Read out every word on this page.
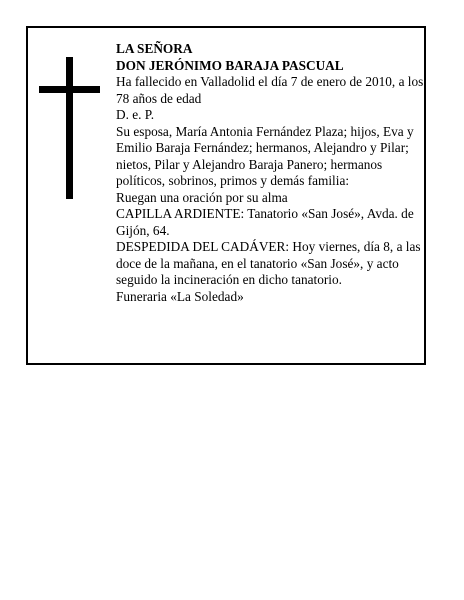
LA SEÑORA

DON JERÓNIMO BARAJA PASCUAL

Ha fallecido en Valladolid el día 7 de enero de 2010, a los 78 años de edad

D. e. P.

Su esposa, María Antonia Fernández Plaza; hijos, Eva y Emilio Baraja Fernández; hermanos, Alejandro y Pilar; nietos, Pilar y Alejandro Baraja Panero; hermanos políticos, sobrinos, primos y demás familia:

Ruegan una oración por su alma

CAPILLA ARDIENTE: Tanatorio «San José», Avda. de Gijón, 64.

DESPEDIDA DEL CADÁVER: Hoy viernes, día 8, a las doce de la mañana, en el tanatorio «San José», y acto seguido la incineración en dicho tanatorio.

Funeraria «La Soledad»
